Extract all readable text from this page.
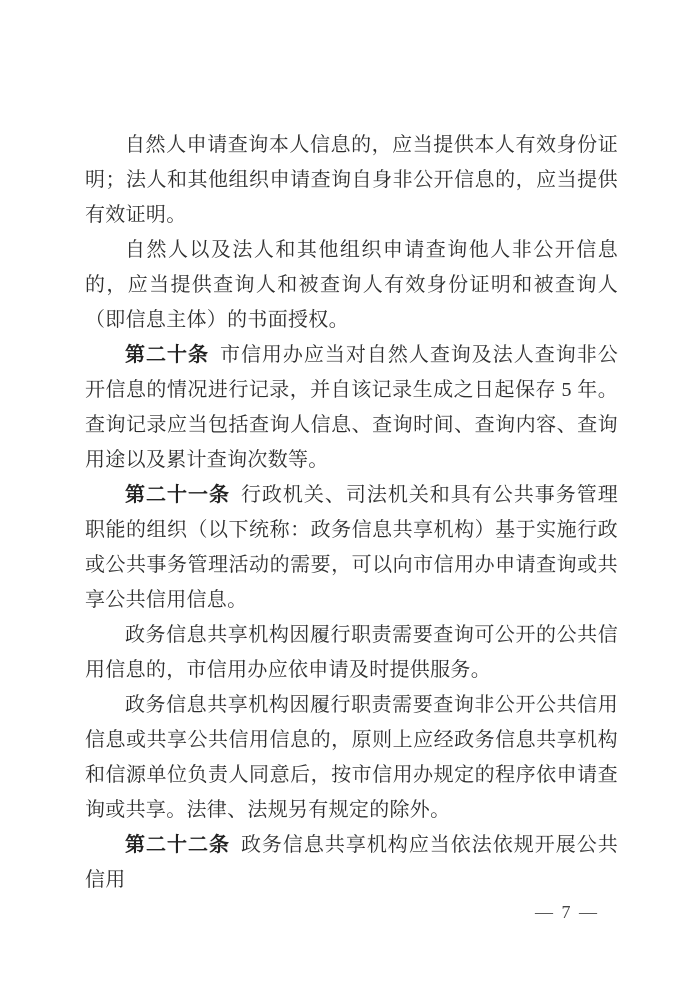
自然人申请查询本人信息的，应当提供本人有效身份证明；法人和其他组织申请查询自身非公开信息的，应当提供有效证明。

自然人以及法人和其他组织申请查询他人非公开信息的，应当提供查询人和被查询人有效身份证明和被查询人（即信息主体）的书面授权。

第二十条 市信用办应当对自然人查询及法人查询非公开信息的情况进行记录，并自该记录生成之日起保存 5 年。查询记录应当包括查询人信息、查询时间、查询内容、查询用途以及累计查询次数等。

第二十一条 行政机关、司法机关和具有公共事务管理职能的组织（以下统称：政务信息共享机构）基于实施行政或公共事务管理活动的需要，可以向市信用办申请查询或共享公共信用信息。

政务信息共享机构因履行职责需要查询可公开的公共信用信息的，市信用办应依申请及时提供服务。

政务信息共享机构因履行职责需要查询非公开公共信用信息或共享公共信用信息的，原则上应经政务信息共享机构和信源单位负责人同意后，按市信用办规定的程序依申请查询或共享。法律、法规另有规定的除外。

第二十二条 政务信息共享机构应当依法依规开展公共信用

— 7 —
